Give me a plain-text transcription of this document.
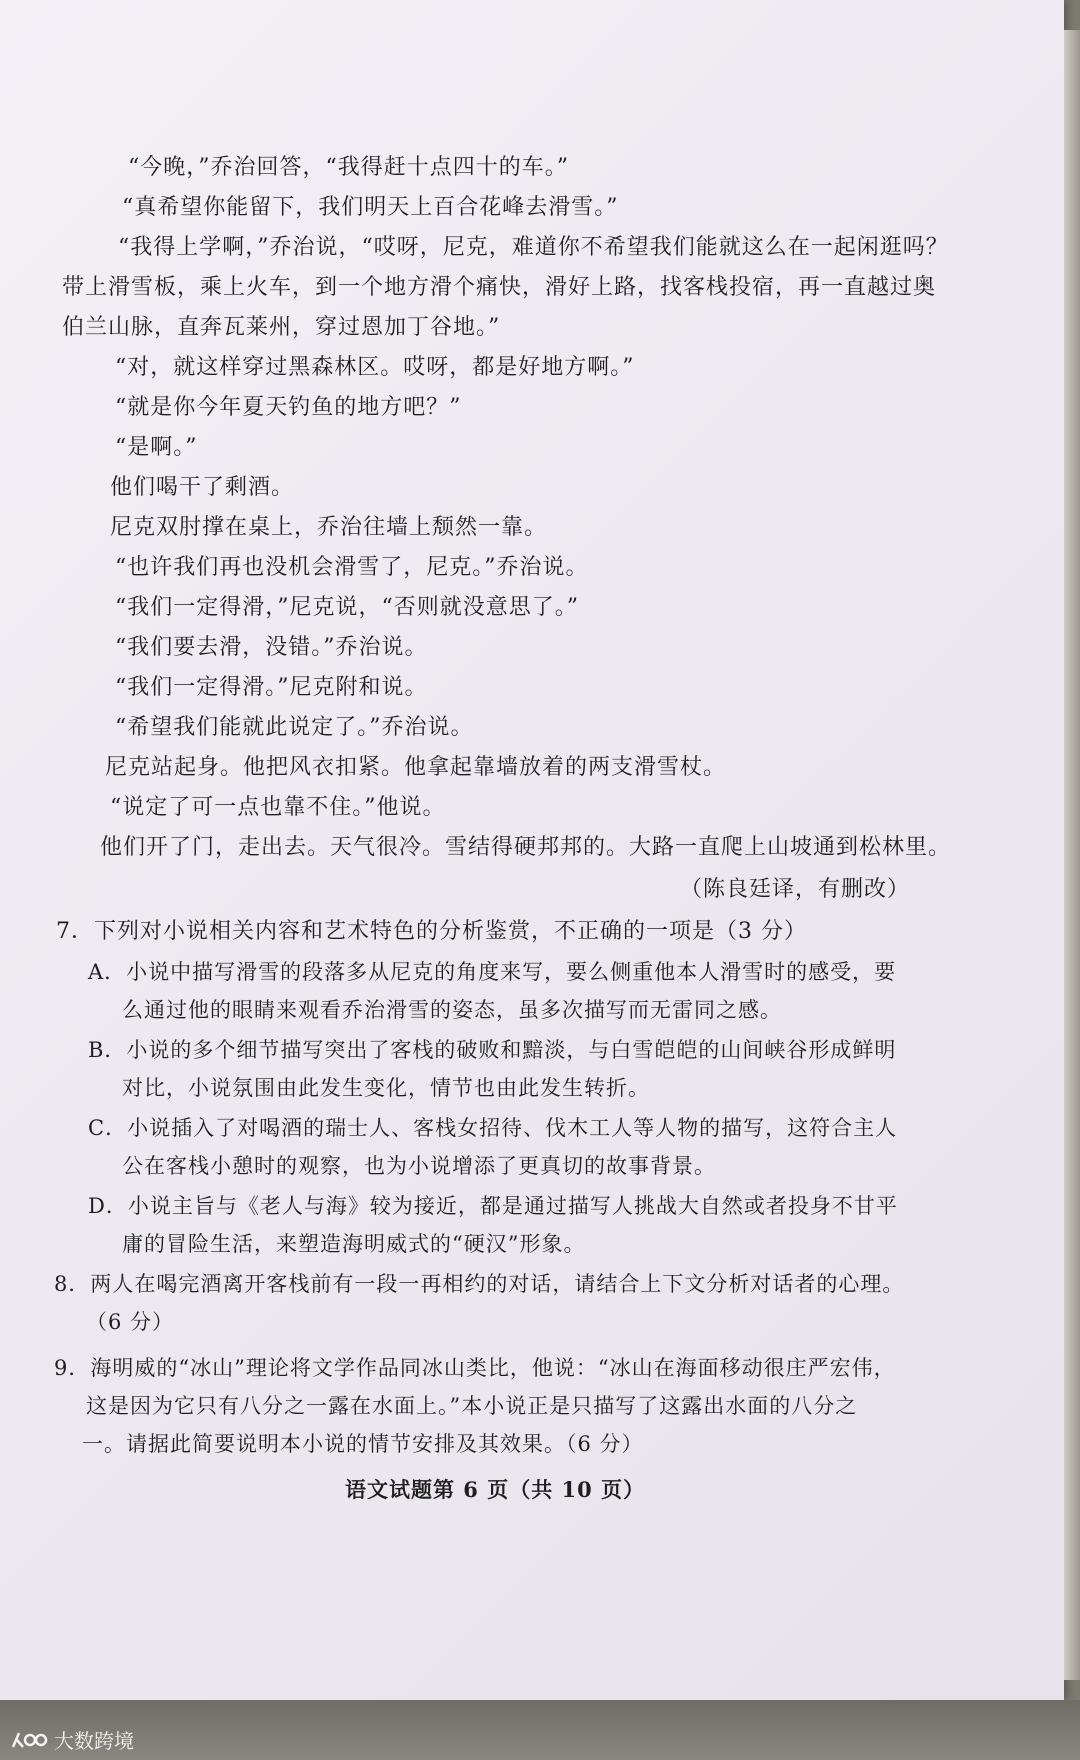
“今晚，”乔治回答，“我得赶十点四十的车。”
“真希望你能留下，我们明天上百合花峰去滑雪。”
“我得上学啊，”乔治说，“哎呀，尼克，难道你不希望我们能就这么在一起闲逛吗？
带上滑雪板，乘上火车，到一个地方滑个痛快，滑好上路，找客栈投宿，再一直越过奥
伯兰山脉，直奔瓦莱州，穿过恩加丁谷地。”
“对，就这样穿过黑森林区。哎呀，都是好地方啊。”
“就是你今年夏天钓鱼的地方吧？”
“是啊。”
他们喝干了剩酒。
尼克双肘撑在桌上，乔治往墙上颓然一靠。
“也许我们再也没机会滑雪了，尼克。”乔治说。
“我们一定得滑，”尼克说，“否则就没意思了。”
“我们要去滑，没错。”乔治说。
“我们一定得滑。”尼克附和说。
“希望我们能就此说定了。”乔治说。
尼克站起身。他把风衣扣紧。他拿起靠墙放着的两支滑雪杖。
“说定了可一点也靠不住。”他说。
他们开了门，走出去。天气很冷。雪结得硬邦邦的。大路一直爬上山坡通到松林里。
（陈良廷译，有删改）
7．下列对小说相关内容和艺术特色的分析鉴赏，不正确的一项是（3 分）
A．小说中描写滑雪的段落多从尼克的角度来写，要么侧重他本人滑雪时的感受，要
么通过他的眼睛来观看乔治滑雪的姿态，虽多次描写而无雷同之感。
B．小说的多个细节描写突出了客栈的破败和黯淡，与白雪皑皑的山间峡谷形成鲜明
对比，小说氛围由此发生变化，情节也由此发生转折。
C．小说插入了对喝酒的瑞士人、客栈女招待、伐木工人等人物的描写，这符合主人
公在客栈小憩时的观察，也为小说增添了更真切的故事背景。
D．小说主旨与《老人与海》较为接近，都是通过描写人挑战大自然或者投身不甘平
庸的冒险生活，来塑造海明威式的“硬汉”形象。
8．两人在喝完酒离开客栈前有一段一再相约的对话，请结合上下文分析对话者的心理。
（6 分）
9．海明威的“冰山”理论将文学作品同冰山类比，他说：“冰山在海面移动很庄严宏伟，
这是因为它只有八分之一露在水面上。”本小说正是只描写了这露出水面的八分之
一。请据此简要说明本小说的情节安排及其效果。（6 分）
语文试题第 6 页（共 10 页）
大数跨境
